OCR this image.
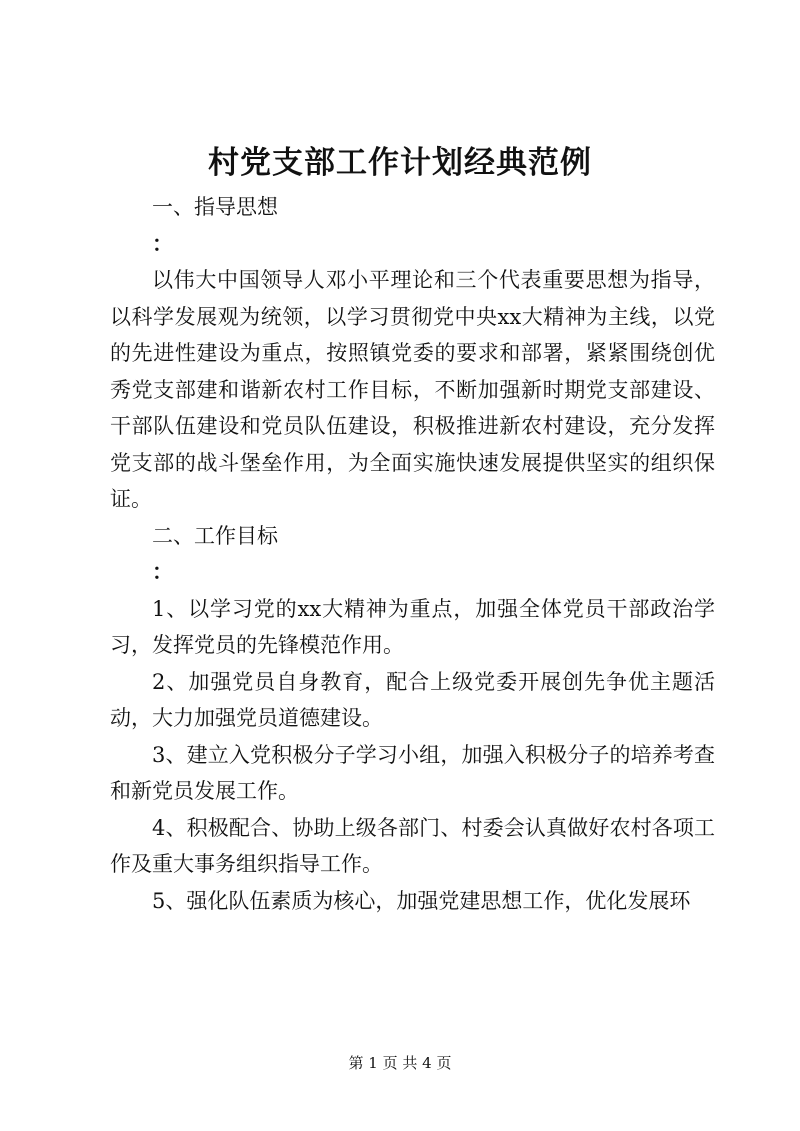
村党支部工作计划经典范例

一、指导思想

：

以伟大中国领导人邓小平理论和三个代表重要思想为指导，以科学发展观为统领，以学习贯彻党中央xx大精神为主线，以党的先进性建设为重点，按照镇党委的要求和部署，紧紧围绕创优秀党支部建和谐新农村工作目标，不断加强新时期党支部建设、干部队伍建设和党员队伍建设，积极推进新农村建设，充分发挥党支部的战斗堡垒作用，为全面实施快速发展提供坚实的组织保证。

二、工作目标

：

1、以学习党的xx大精神为重点，加强全体党员干部政治学习，发挥党员的先锋模范作用。

2、加强党员自身教育，配合上级党委开展创先争优主题活动，大力加强党员道德建设。

3、建立入党积极分子学习小组，加强入积极分子的培养考查和新党员发展工作。

4、积极配合、协助上级各部门、村委会认真做好农村各项工作及重大事务组织指导工作。

5、强化队伍素质为核心，加强党建思想工作，优化发展环

第 1 页 共 4 页
